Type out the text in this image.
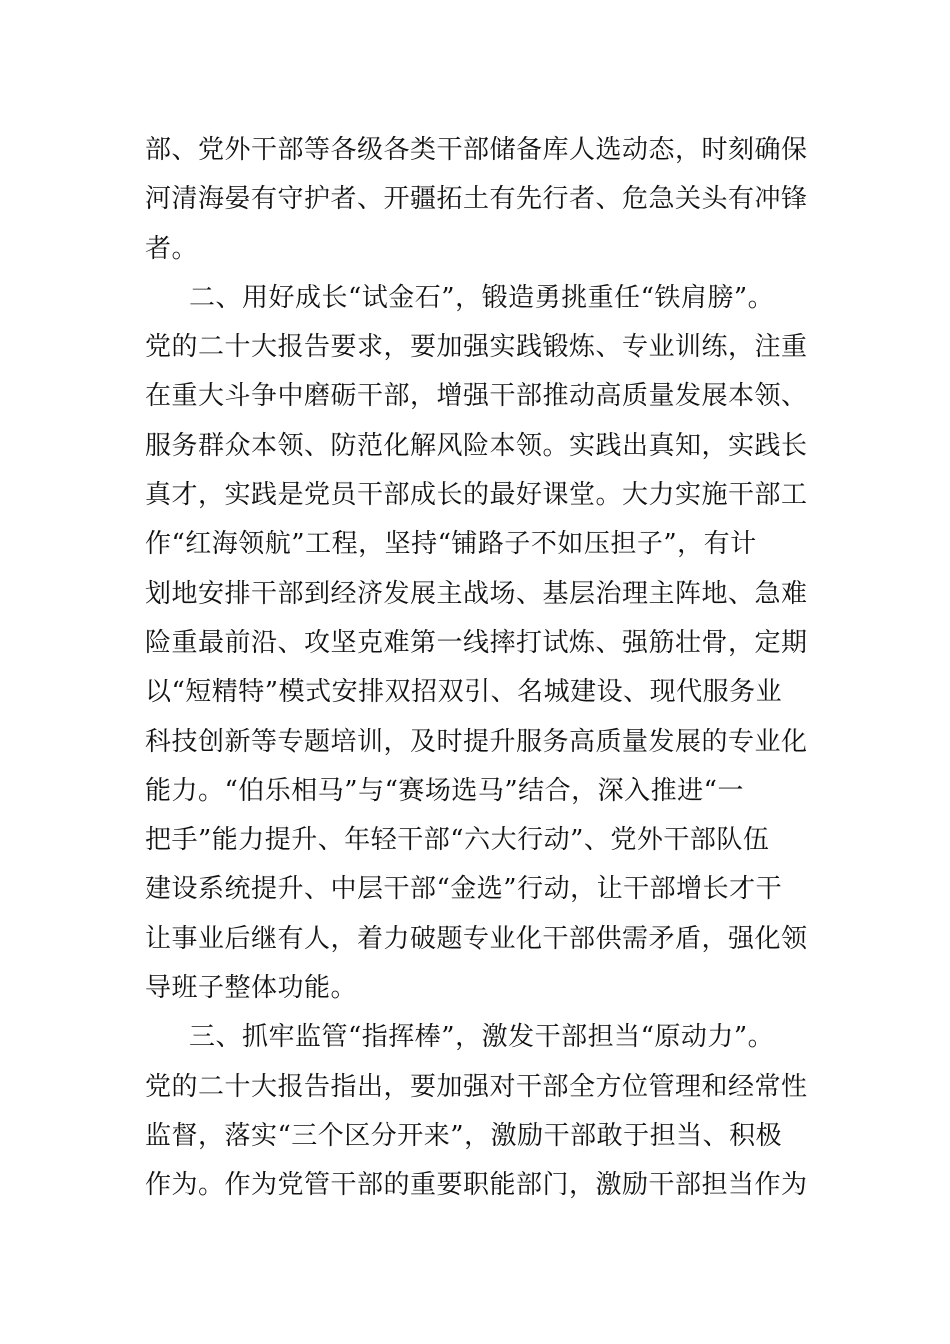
部、党外干部等各级各类干部储备库人选动态，时刻确保
河清海晏有守护者、开疆拓土有先行者、危急关头有冲锋
者。
二、用好成长“试金石”，锻造勇挑重任“铁肩膀”。
党的二十大报告要求，要加强实践锻炼、专业训练，注重
在重大斗争中磨砺干部，增强干部推动高质量发展本领、
服务群众本领、防范化解风险本领。实践出真知，实践长
真才，实践是党员干部成长的最好课堂。大力实施干部工
作“红海领航”工程，坚持“铺路子不如压担子”，有计
划地安排干部到经济发展主战场、基层治理主阵地、急难
险重最前沿、攻坚克难第一线摔打试炼、强筋壮骨，定期
以“短精特”模式安排双招双引、名城建设、现代服务业
科技创新等专题培训，及时提升服务高质量发展的专业化
能力。“伯乐相马”与“赛场选马”结合，深入推进“一
把手”能力提升、年轻干部“六大行动”、党外干部队伍
建设系统提升、中层干部“金选”行动，让干部增长才干
让事业后继有人，着力破题专业化干部供需矛盾，强化领
导班子整体功能。
三、抓牢监管“指挥棒”，激发干部担当“原动力”。
党的二十大报告指出，要加强对干部全方位管理和经常性
监督，落实“三个区分开来”，激励干部敢于担当、积极
作为。作为党管干部的重要职能部门，激励干部担当作为
